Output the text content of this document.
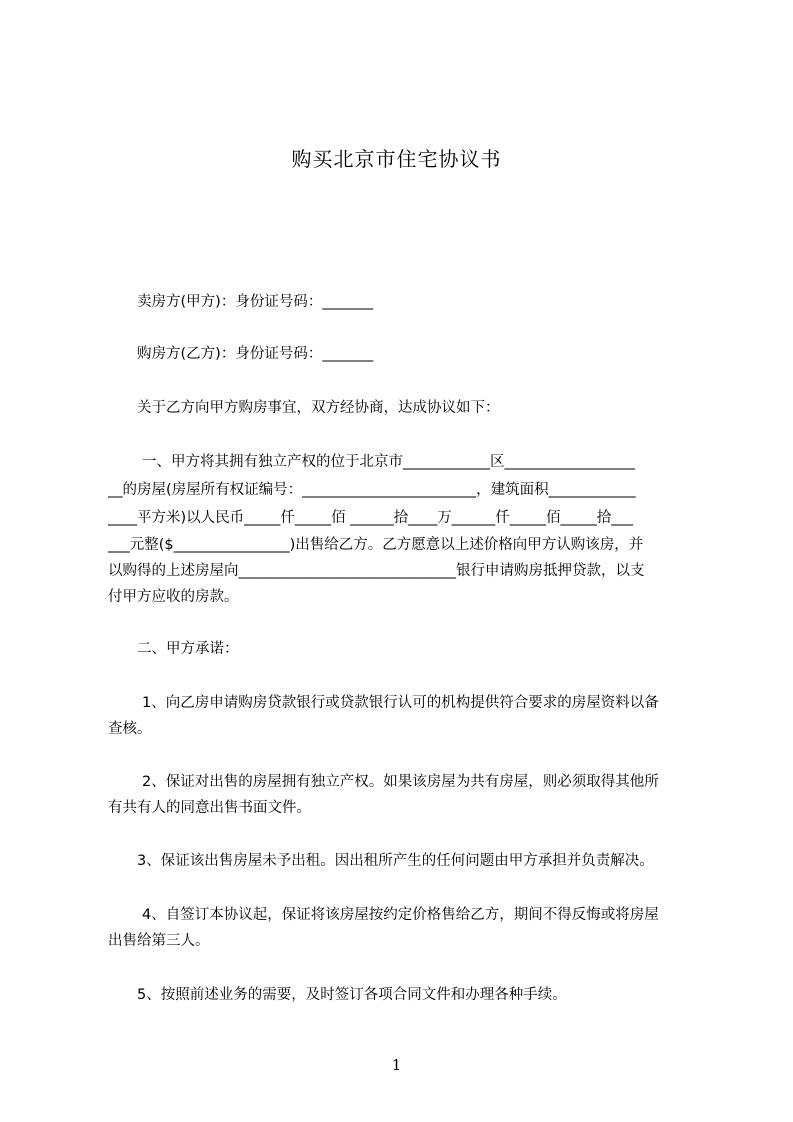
购买北京市住宅协议书
卖房方(甲方)：身份证号码：_______
购房方(乙方)：身份证号码：_______
关于乙方向甲方购房事宜，双方经协商，达成协议如下：
一、甲方将其拥有独立产权的位于北京市____________区__________________
__的房屋(房屋所有权证编号：________________________，建筑面积____________
____平方米)以人民币_____仟_____佰 ______拾____万______仟_____佰_____拾___
___元整($________________)出售给乙方。乙方愿意以上述价格向甲方认购该房，并
以购得的上述房屋向______________________________银行申请购房抵押贷款，以支
付甲方应收的房款。
二、甲方承诺：
1、向乙房申请购房贷款银行或贷款银行认可的机构提供符合要求的房屋资料以备
查核。
2、保证对出售的房屋拥有独立产权。如果该房屋为共有房屋，则必须取得其他所
有共有人的同意出售书面文件。
3、保证该出售房屋未予出租。因出租所产生的任何问题由甲方承担并负责解决。
4、自签订本协议起，保证将该房屋按约定价格售给乙方，期间不得反悔或将房屋
出售给第三人。
5、按照前述业务的需要，及时签订各项合同文件和办理各种手续。
1
